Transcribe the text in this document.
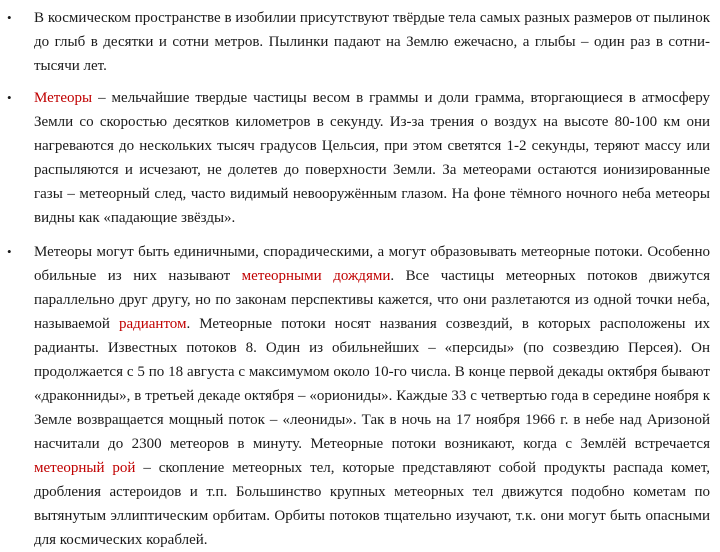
• В космическом пространстве в изобилии присутствуют твёрдые тела самых разных размеров от пылинок до глыб в десятки и сотни метров. Пылинки падают на Землю ежечасно, а глыбы – один раз в сотни-тысячи лет.

• Метеоры – мельчайшие твердые частицы весом в граммы и доли грамма, вторгающиеся в атмосферу Земли со скоростью десятков километров в секунду. Из-за трения о воздух на высоте 80-100 км они нагреваются до нескольких тысяч градусов Цельсия, при этом светятся 1-2 секунды, теряют массу или распыляются и исчезают, не долетев до поверхности Земли. За метеорами остаются ионизированные газы – метеорный след, часто видимый невооружённым глазом. На фоне тёмного ночного неба метеоры видны как «падающие звёзды».

• Метеоры могут быть единичными, спорадическими, а могут образовывать метеорные потоки. Особенно обильные из них называют метеорными дождями. Все частицы метеорных потоков движутся параллельно друг другу, но по законам перспективы кажется, что они разлетаются из одной точки неба, называемой радиантом. Метеорные потоки носят названия созвездий, в которых расположены их радианты. Известных потоков 8. Один из обильнейших – «персиды» (по созвездию Персея). Он продолжается с 5 по 18 августа с максимумом около 10-го числа. В конце первой декады октября бывают «драконниды», в третьей декаде октября – «ориониды». Каждые 33 с четвертью года в середине ноября к Земле возвращается мощный поток – «леониды». Так в ночь на 17 ноября 1966 г. в небе над Аризоной насчитали до 2300 метеоров в минуту. Метеорные потоки возникают, когда с Землёй встречается метеорный рой – скопление метеорных тел, которые представляют собой продукты распада комет, дробления астероидов и т.п. Большинство крупных метеорных тел движутся подобно кометам по вытянутым эллиптическим орбитам. Орбиты потоков тщательно изучают, т.к. они могут быть опасными для космических кораблей.
